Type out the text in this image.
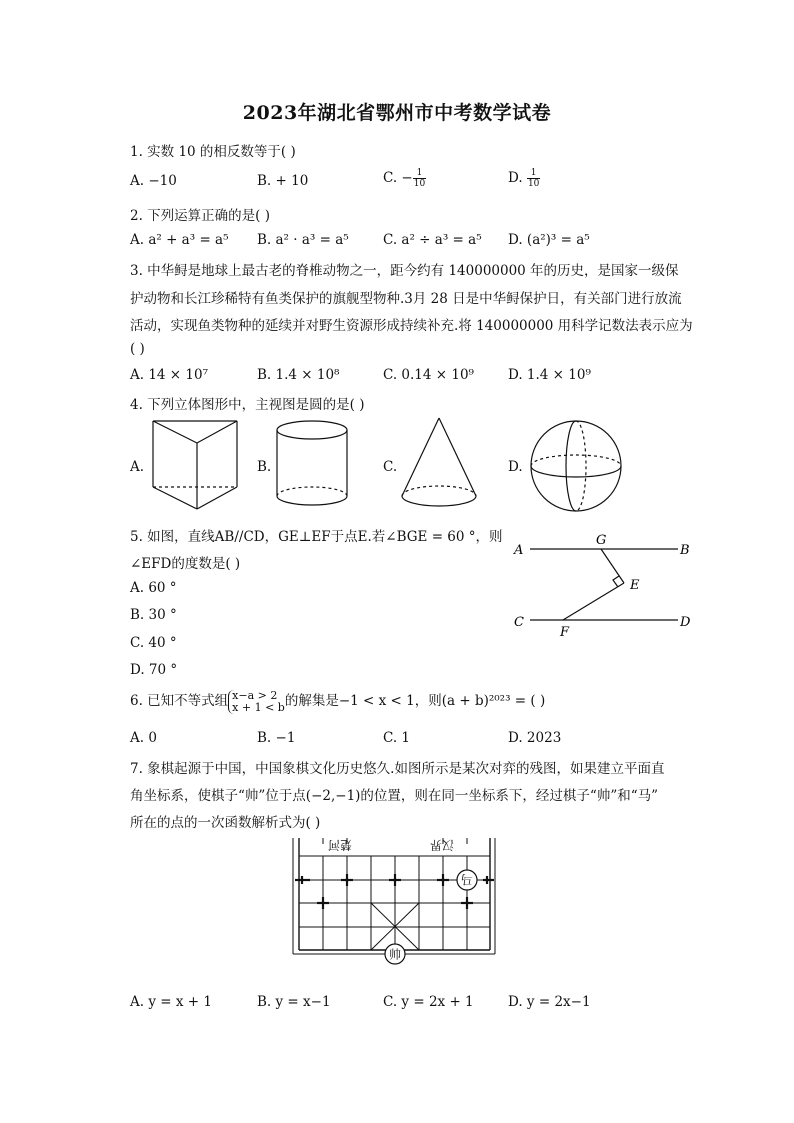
2023年湖北省鄂州市中考数学试卷
1. 实数 10 的相反数等于( )
A. −10	B. + 10	C. − $\frac{1}{10}$	D. $\frac{1}{10}$
2. 下列运算正确的是( )
A. a² + a³ = a⁵ B. a² · a³ = a⁵	C. a² ÷ a³ = a⁵ D. (a²)³ = a⁵
3. 中华鲟是地球上最古老的脊椎动物之一，距今约有 140000000 年的历史，是国家一级保
护动物和长江珍稀特有鱼类保护的旗舰型物种.3月 28 日是中华鲟保护日，有关部门进行放流
活动，实现鱼类物种的延续并对野生资源形成持续补充.将 140000000 用科学记数法表示应为
( )
A. 14 × 10⁷	B. 1.4 × 10⁸	C. 0.14 × 10⁹	D. 1.4 × 10⁹
4. 下列立体图形中，主视图是圆的是( )
A.	B.	C.	D.
5. 如图，直线AB//CD，GE⊥EF于点E.若∠BGE = 60 °，则
∠EFD的度数是( )
A. 60 °
B. 30 °
C. 40 °
D. 70 °
A	B
C	D
G
E
F
6. 已知不等式组 x−a > 2
x + 1 < b 的解集是−1 < x < 1，则(a + b)²⁰²³ = ( )
A. 0	B. −1	C. 1	D. 2023
7. 象棋起源于中国，中国象棋文化历史悠久.如图所示是某次对弈的残图，如果建立平面直
角坐标系，使棋子“帅”位于点(−2,−1)的位置，则在同一坐标系下，经过棋子“帅”和“马”
所在的点的一次函数解析式为( )
楚河	汉界
马
帅
A. y = x + 1	B. y = x−1	C. y = 2x + 1	D. y = 2x−1
